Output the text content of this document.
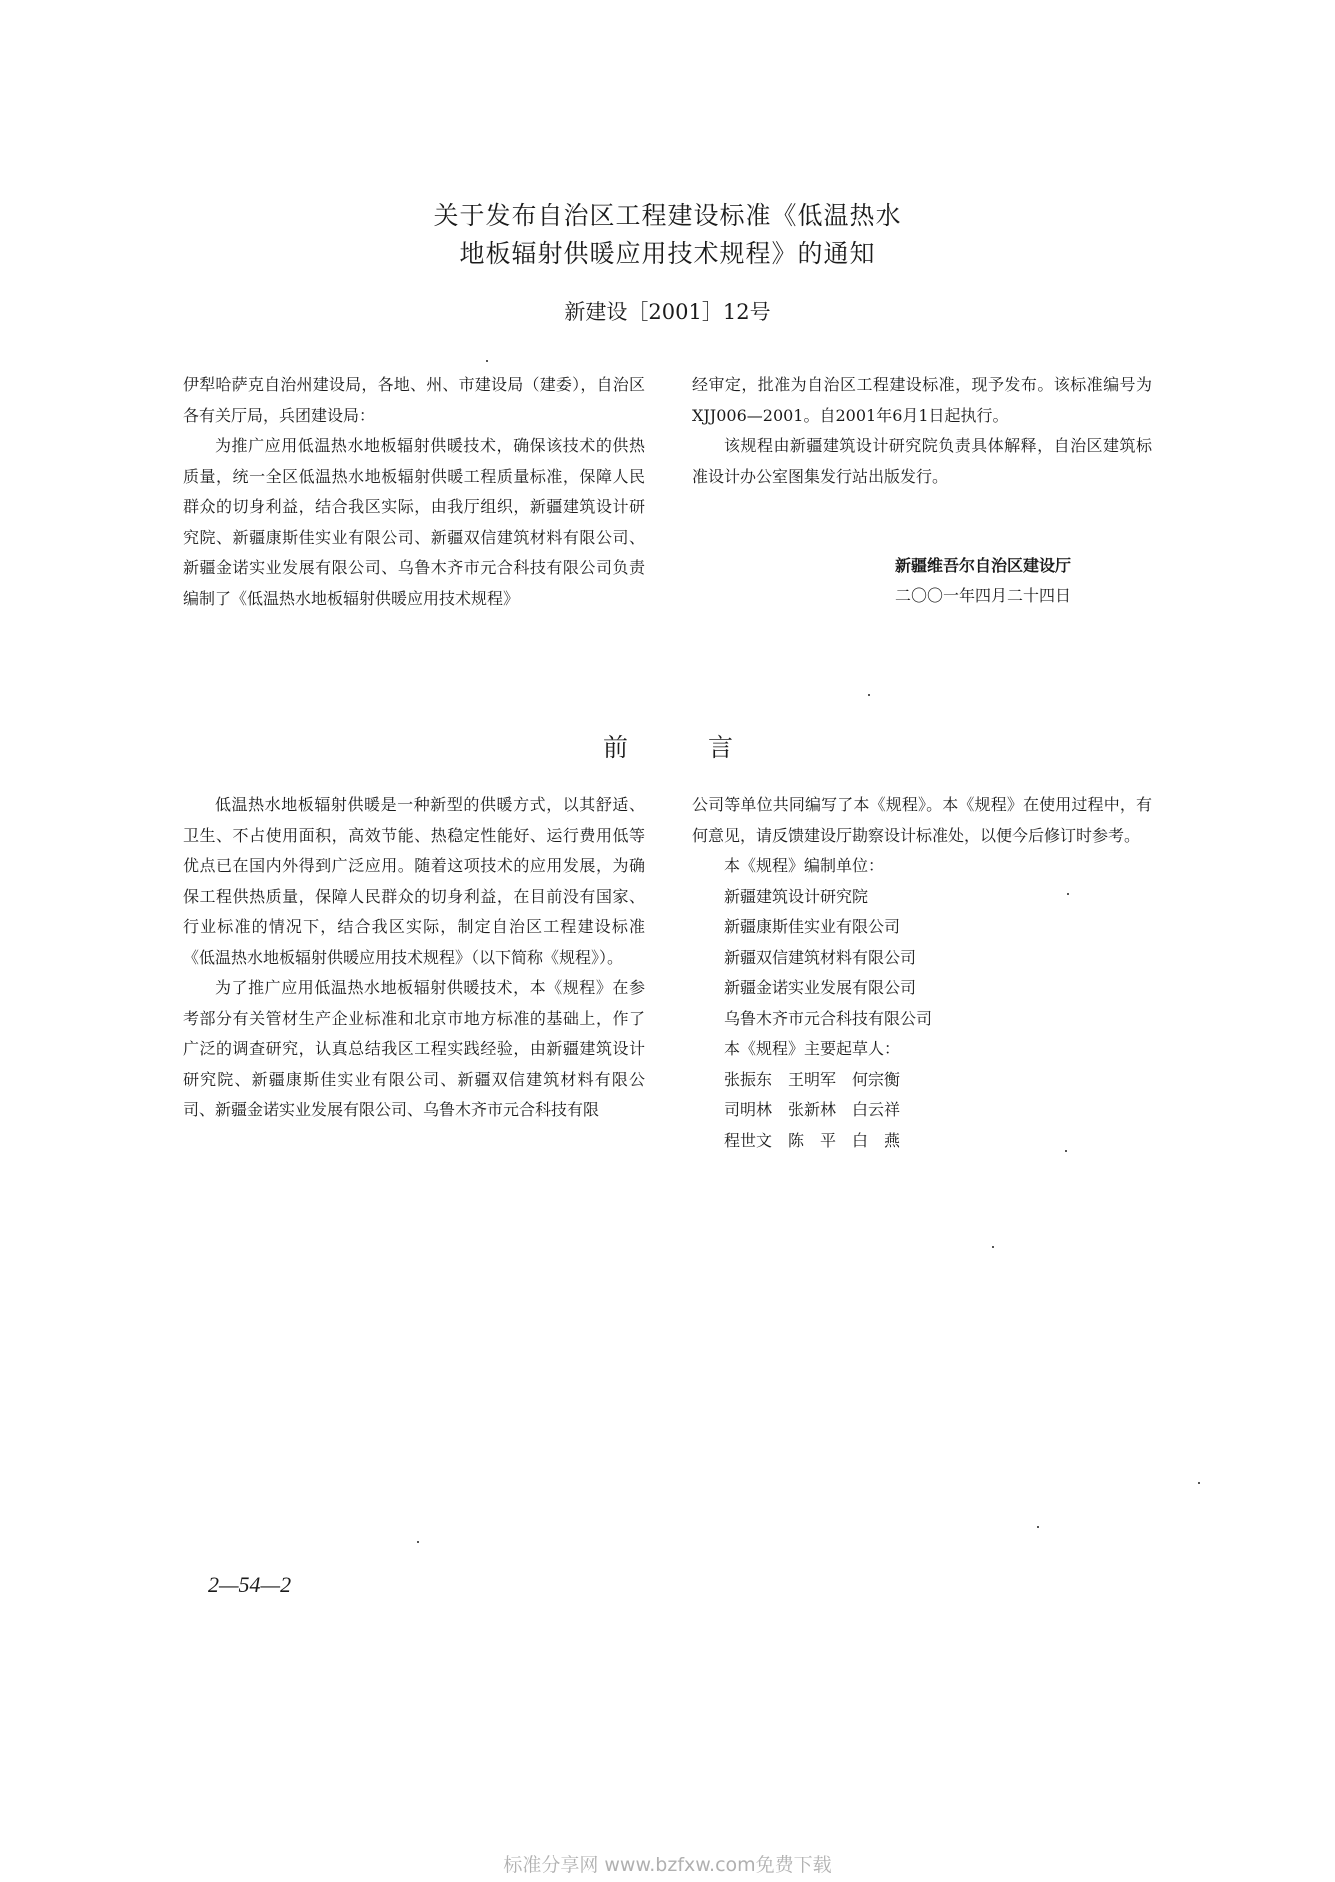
关于发布自治区工程建设标准《低温热水
地板辐射供暖应用技术规程》的通知
新建设［2001］12号

伊犁哈萨克自治州建设局，各地、州、市建设局（建委），自治区各有关厅局，兵团建设局：

为推广应用低温热水地板辐射供暖技术，确保该技术的供热质量，统一全区低温热水地板辐射供暖工程质量标准，保障人民群众的切身利益，结合我区实际，由我厅组织，新疆建筑设计研究院、新疆康斯佳实业有限公司、新疆双信建筑材料有限公司、新疆金诺实业发展有限公司、乌鲁木齐市元合科技有限公司负责编制了《低温热水地板辐射供暖应用技术规程》

经审定，批准为自治区工程建设标准，现予发布。该标准编号为XJJ006—2001。自2001年6月1日起执行。

该规程由新疆建筑设计研究院负责具体解释，自治区建筑标准设计办公室图集发行站出版发行。

新疆维吾尔自治区建设厅
二〇〇一年四月二十四日
前	言

低温热水地板辐射供暖是一种新型的供暖方式，以其舒适、卫生、不占使用面积，高效节能、热稳定性能好、运行费用低等优点已在国内外得到广泛应用。随着这项技术的应用发展，为确保工程供热质量，保障人民群众的切身利益，在目前没有国家、行业标准的情况下，结合我区实际，制定自治区工程建设标准《低温热水地板辐射供暖应用技术规程》（以下简称《规程》）。

为了推广应用低温热水地板辐射供暖技术，本《规程》在参考部分有关管材生产企业标准和北京市地方标准的基础上，作了广泛的调查研究，认真总结我区工程实践经验，由新疆建筑设计研究院、新疆康斯佳实业有限公司、新疆双信建筑材料有限公司、新疆金诺实业发展有限公司、乌鲁木齐市元合科技有限

公司等单位共同编写了本《规程》。本《规程》在使用过程中，有何意见，请反馈建设厅勘察设计标准处，以便今后修订时参考。

本《规程》编制单位：
新疆建筑设计研究院
新疆康斯佳实业有限公司
新疆双信建筑材料有限公司
新疆金诺实业发展有限公司
乌鲁木齐市元合科技有限公司
本《规程》主要起草人：
张振东　王明军　何宗衡
司明林　张新林　白云祥
程世文　陈　平　白　燕
2—54—2
标准分享网 www.bzfxw.com免费下载
